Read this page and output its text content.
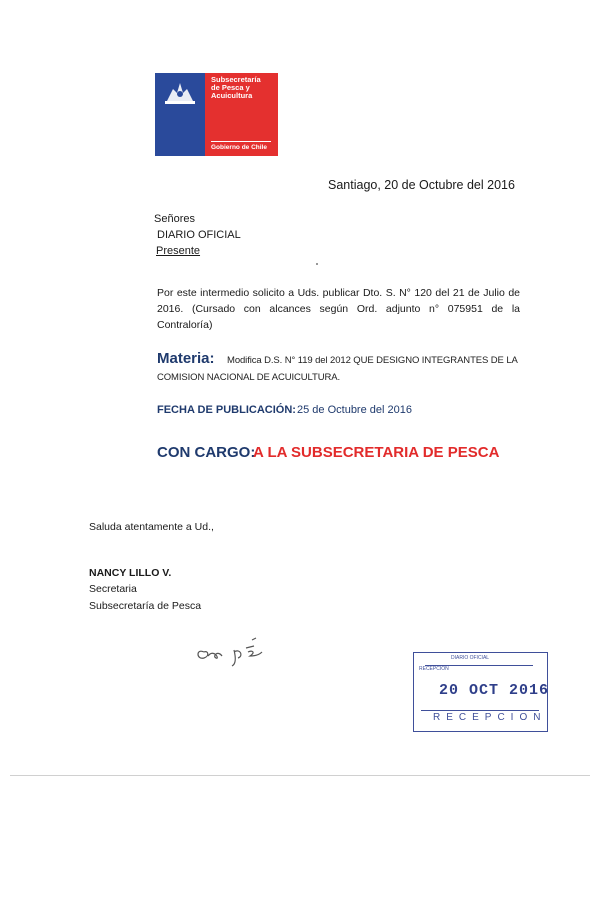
Subsecretaría
de Pesca y
Acuicultura
Gobierno de Chile
Santiago, 20 de Octubre del 2016
Señores
DIARIO OFICIAL
Presente
Por este intermedio solicito a Uds. publicar Dto. S. N° 120 del 21 de Julio de 2016. (Cursado con alcances según Ord. adjunto n° 075951 de la Contraloría)
Materia:	Modifica D.S. N° 119 del 2012 QUE DESIGNO INTEGRANTES DE LA COMISION NACIONAL DE ACUICULTURA.
FECHA DE PUBLICACIÓN: 25 de Octubre del 2016
CON CARGO:
A LA SUBSECRETARIA DE PESCA
Saluda atentamente a Ud.,
NANCY LILLO V.
Secretaria
Subsecretaría de Pesca
DIARIO OFICIAL
RECEPCION
20 OCT 2016
RECEPCION
